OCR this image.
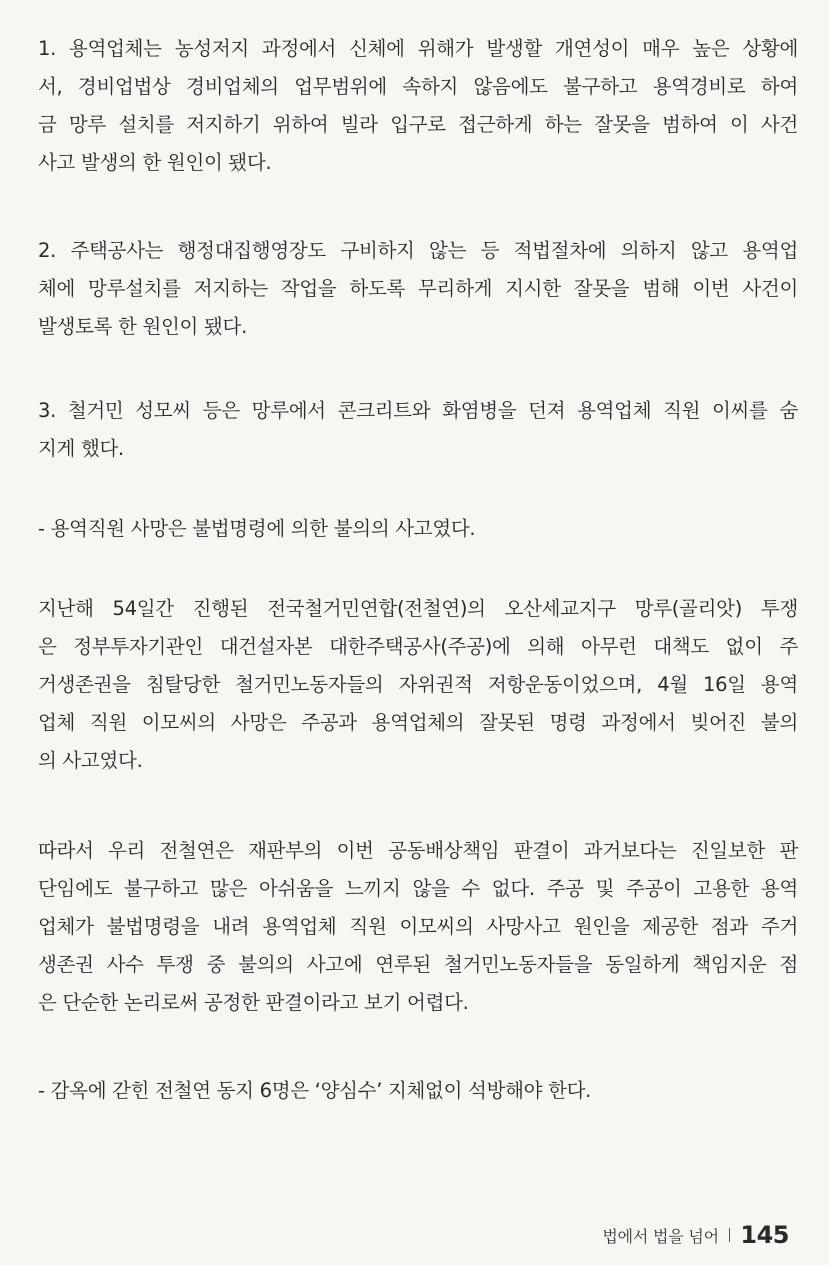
1. 용역업체는 농성저지 과정에서 신체에 위해가 발생할 개연성이 매우 높은 상황에
서, 경비업법상 경비업체의 업무범위에 속하지 않음에도 불구하고 용역경비로 하여
금 망루 설치를 저지하기 위하여 빌라 입구로 접근하게 하는 잘못을 범하여 이 사건
사고 발생의 한 원인이 됐다.
2. 주택공사는 행정대집행영장도 구비하지 않는 등 적법절차에 의하지 않고 용역업
체에 망루설치를 저지하는 작업을 하도록 무리하게 지시한 잘못을 범해 이번 사건이
발생토록 한 원인이 됐다.
3. 철거민 성모씨 등은 망루에서 콘크리트와 화염병을 던져 용역업체 직원 이씨를 숨
지게 했다.
- 용역직원 사망은 불법명령에 의한 불의의 사고였다.
지난해 54일간 진행된 전국철거민연합(전철연)의 오산세교지구 망루(골리앗) 투쟁
은 정부투자기관인 대건설자본 대한주택공사(주공)에 의해 아무런 대책도 없이 주
거생존권을 침탈당한 철거민노동자들의 자위권적 저항운동이었으며, 4월 16일 용역
업체 직원 이모씨의 사망은 주공과 용역업체의 잘못된 명령 과정에서 빚어진 불의
의 사고였다.
따라서 우리 전철연은 재판부의 이번 공동배상책임 판결이 과거보다는 진일보한 판
단임에도 불구하고 많은 아쉬움을 느끼지 않을 수 없다. 주공 및 주공이 고용한 용역
업체가 불법명령을 내려 용역업체 직원 이모씨의 사망사고 원인을 제공한 점과 주거
생존권 사수 투쟁 중 불의의 사고에 연루된 철거민노동자들을 동일하게 책임지운 점
은 단순한 논리로써 공정한 판결이라고 보기 어렵다.
- 감옥에 갇힌 전철연 동지 6명은 ‘양심수’ 지체없이 석방해야 한다.
법에서 법을 넘어 145
